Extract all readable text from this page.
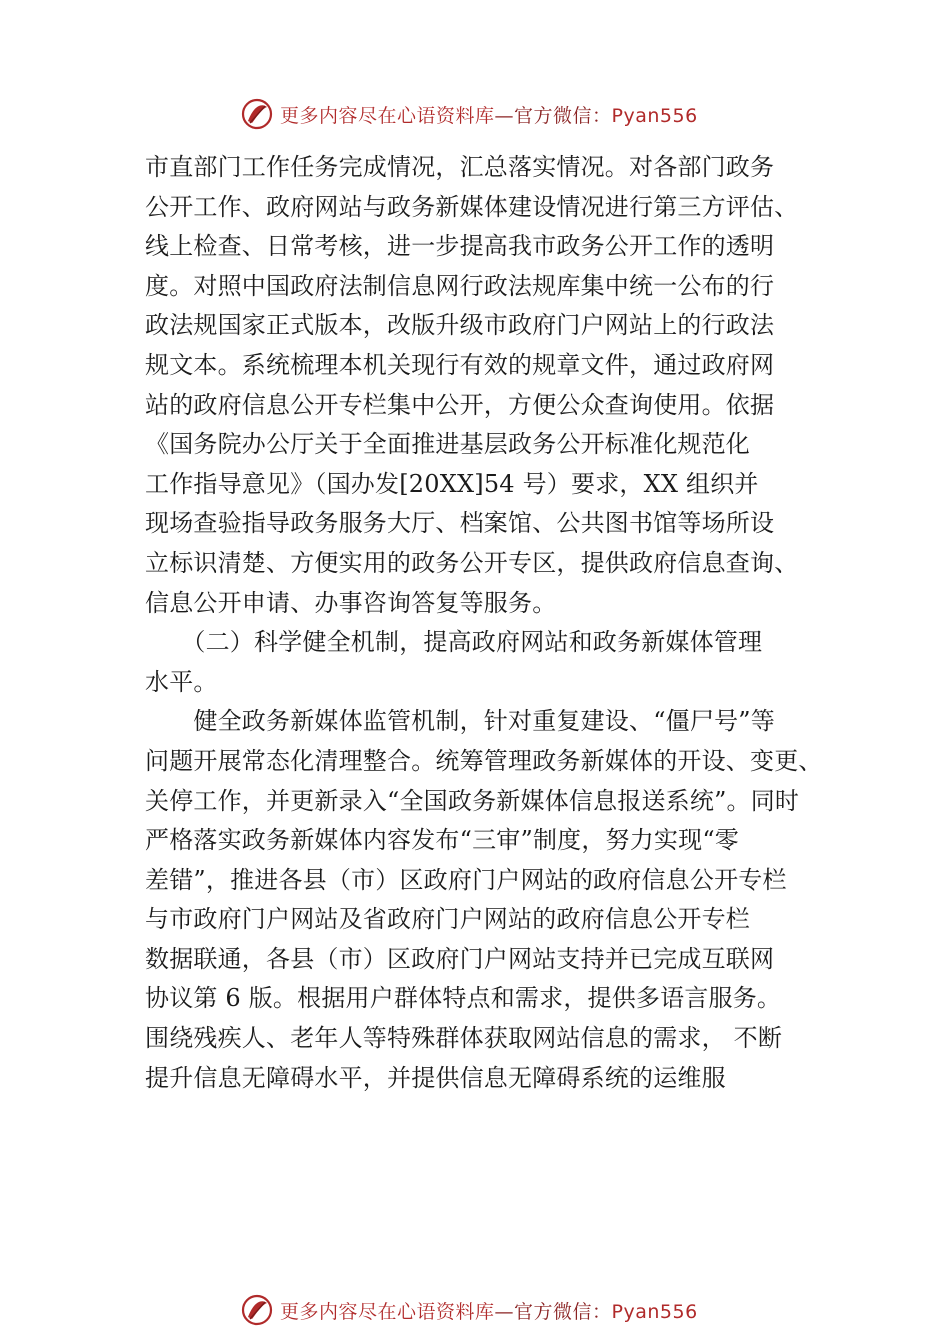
更多内容尽在心语资料库—官方微信：Pyan556
市直部门工作任务完成情况，汇总落实情况。对各部门政务
公开工作、政府网站与政务新媒体建设情况进行第三方评估、
线上检查、日常考核，进一步提高我市政务公开工作的透明
度。对照中国政府法制信息网行政法规库集中统一公布的行
政法规国家正式版本，改版升级市政府门户网站上的行政法
规文本。系统梳理本机关现行有效的规章文件，通过政府网
站的政府信息公开专栏集中公开，方便公众查询使用。依据
《国务院办公厅关于全面推进基层政务公开标准化规范化
工作指导意见》（国办发[20XX]54 号）要求，XX 组织并
现场查验指导政务服务大厅、档案馆、公共图书馆等场所设
立标识清楚、方便实用的政务公开专区，提供政府信息查询、
信息公开申请、办事咨询答复等服务。
　　（二）科学健全机制，提高政府网站和政务新媒体管理
水平。
　　健全政务新媒体监管机制，针对重复建设、“僵尸号”等
问题开展常态化清理整合。统筹管理政务新媒体的开设、变更、
关停工作，并更新录入“全国政务新媒体信息报送系统”。同时
严格落实政务新媒体内容发布“三审”制度，努力实现“零
差错”，推进各县（市）区政府门户网站的政府信息公开专栏
与市政府门户网站及省政府门户网站的政府信息公开专栏
数据联通，各县（市）区政府门户网站支持并已完成互联网
协议第 6 版。根据用户群体特点和需求，提供多语言服务。
围绕残疾人、老年人等特殊群体获取网站信息的需求， 不断
提升信息无障碍水平，并提供信息无障碍系统的运维服
更多内容尽在心语资料库—官方微信：Pyan556
